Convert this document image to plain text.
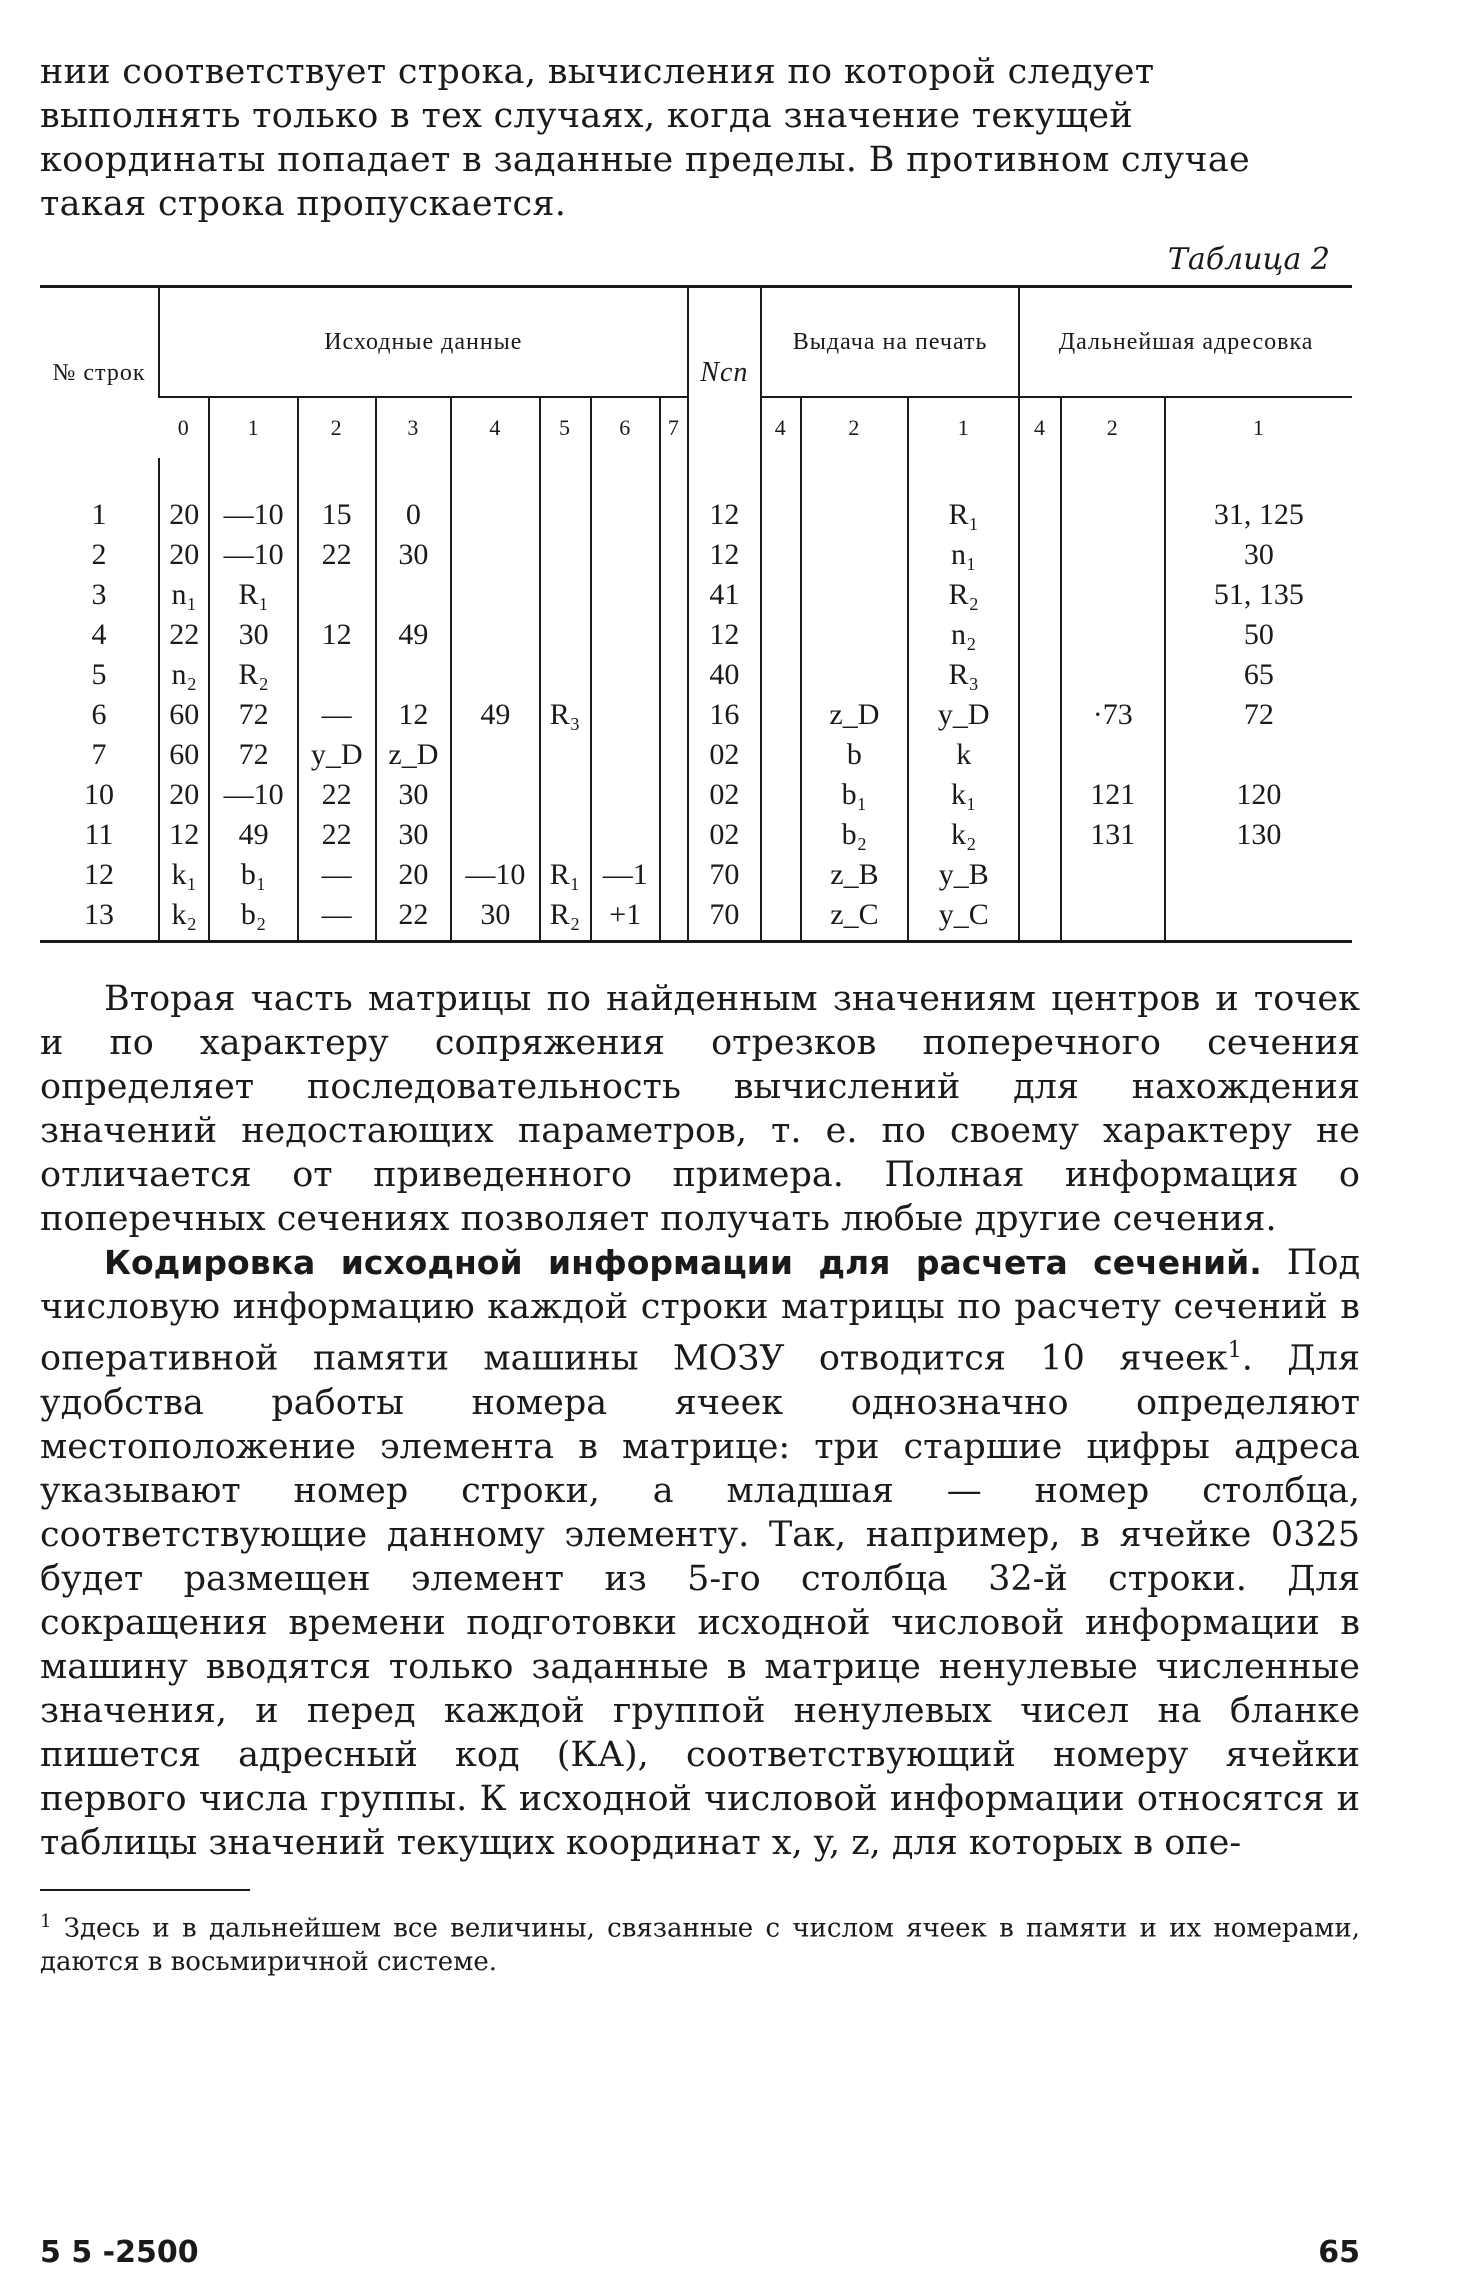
нии соответствует строка, вычисления по которой следует выполнять только в тех случаях, когда значение текущей координаты попадает в заданные пределы. В противном случае такая строка пропускается.

Таблица 2
№ строк	Исходные данные								Nсп	Выдача на печать			Дальнейшая адресовка		
	0	1	2	3	4	5	6	7		4	2	1	4	2	1
1	20	—10	15	0					12			R₁			31, 125
2	20	—10	22	30					12			n₁			30
3	n₁	R₁							41			R₂			51, 135
4	22	30	12	49					12			n₂			50
5	n₂	R₂							40			R₃			65
6	60	72	—	12	49	R₃			16		z_D	y_D		·73	72
7	60	72	y_D	z_D					02		b	k			
10	20	—10	22	30					02		b₁	k₁		121	120
11	12	49	22	30					02		b₂	k₂		131	130
12	k₁	b₁	—	20	—10	R₁	—1		70		z_B	y_B			
13	k₂	b₂	—	22	30	R₂	+1		70		z_C	y_C			

Вторая часть матрицы по найденным значениям центров и точек и по характеру сопряжения отрезков поперечного сечения определяет последовательность вычислений для нахождения значений недостающих параметров, т. е. по своему характеру не отличается от приведенного примера. Полная информация о поперечных сечениях позволяет получать любые другие сечения.

Кодировка исходной информации для расчета сечений. Под числовую информацию каждой строки матрицы по расчету сечений в оперативной памяти машины МОЗУ отводится 10 ячеек$^1$. Для удобства работы номера ячеек однозначно определяют местоположение элемента в матрице: три старшие цифры адреса указывают номер строки, а младшая — номер столбца, соответствующие данному элементу. Так, например, в ячейке 0325 будет размещен элемент из 5-го столбца 32-й строки. Для сокращения времени подготовки исходной числовой информации в машину вводятся только заданные в матрице ненулевые численные значения, и перед каждой группой ненулевых чисел на бланке пишется адресный код (КА), соответствующий номеру ячейки первого числа группы. К исходной числовой информации относятся и таблицы значений текущих координат x, y, z, для которых в опе-

$^1$ Здесь и в дальнейшем все величины, связанные с числом ячеек в памяти и их номерами, даются в восьмиричной системе.

5 5 -2500	65
